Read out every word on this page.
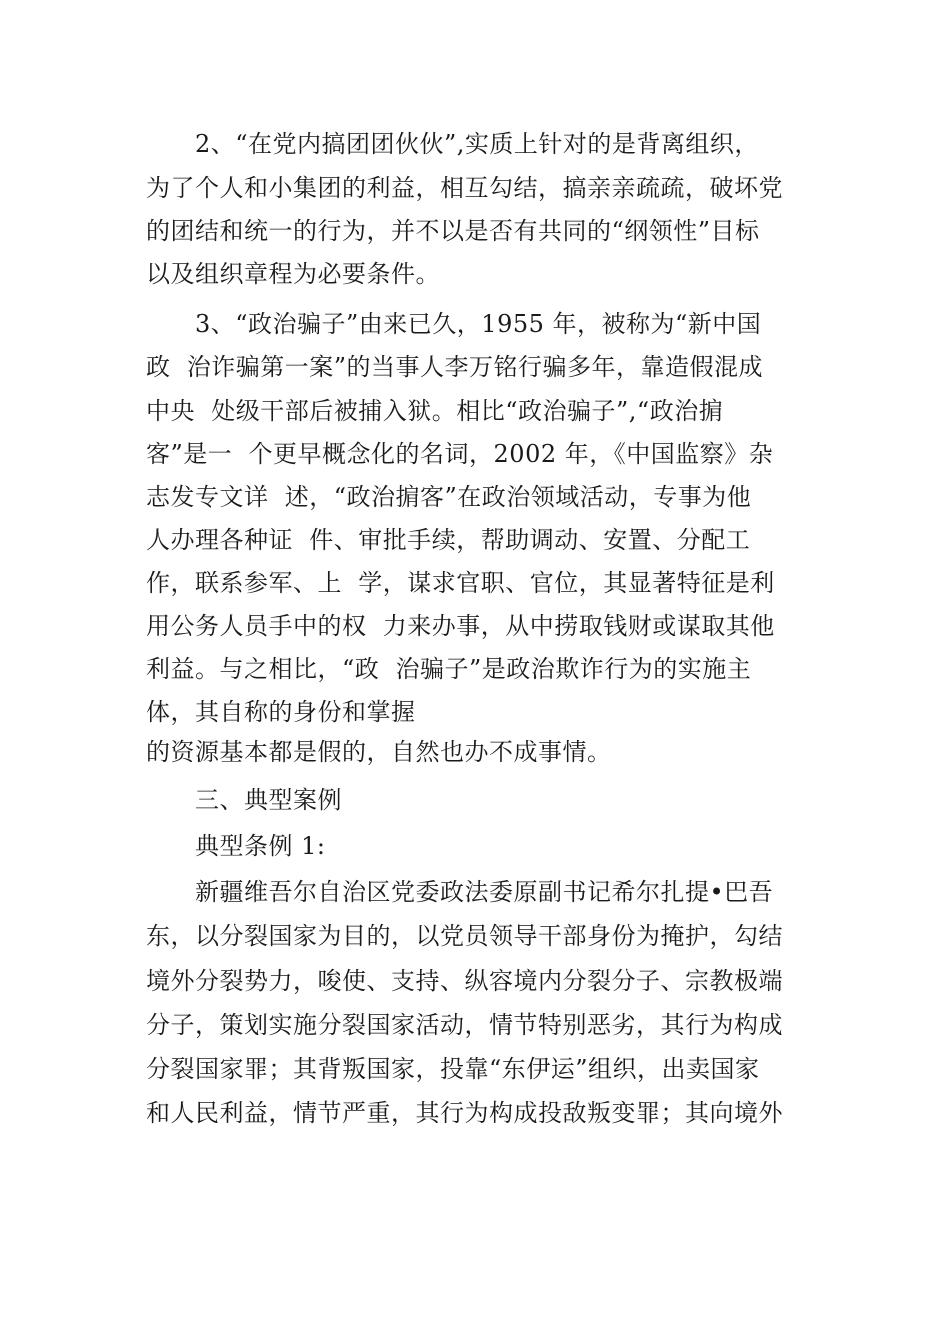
　　2、“在党内搞团团伙伙”,实质上针对的是背离组织，
为了个人和小集团的利益，相互勾结，搞亲亲疏疏，破坏党
的团结和统一的行为，并不以是否有共同的“纲领性”目标
以及组织章程为必要条件。
　　3、“政治骗子”由来已久，1955 年，被称为“新中国
政  治诈骗第一案”的当事人李万铭行骗多年，靠造假混成
中央  处级干部后被捕入狱。相比“政治骗子”,“政治掮
客”是一  个更早概念化的名词，2002 年，《中国监察》杂
志发专文详  述，“政治掮客”在政治领域活动，专事为他
人办理各种证  件、审批手续，帮助调动、安置、分配工
作，联系参军、上  学，谋求官职、官位，其显著特征是利
用公务人员手中的权  力来办事，从中捞取钱财或谋取其他
利益。与之相比，“政  治骗子”是政治欺诈行为的实施主
体，其自称的身份和掌握
的资源基本都是假的，自然也办不成事情。
　　三、典型案例
　　典型条例 1:
　　新疆维吾尔自治区党委政法委原副书记希尔扎提•巴吾
东，以分裂国家为目的，以党员领导干部身份为掩护，勾结
境外分裂势力，唆使、支持、纵容境内分裂分子、宗教极端
分子，策划实施分裂国家活动，情节特别恶劣，其行为构成
分裂国家罪；其背叛国家，投靠“东伊运”组织，出卖国家
和人民利益，情节严重，其行为构成投敌叛变罪；其向境外
